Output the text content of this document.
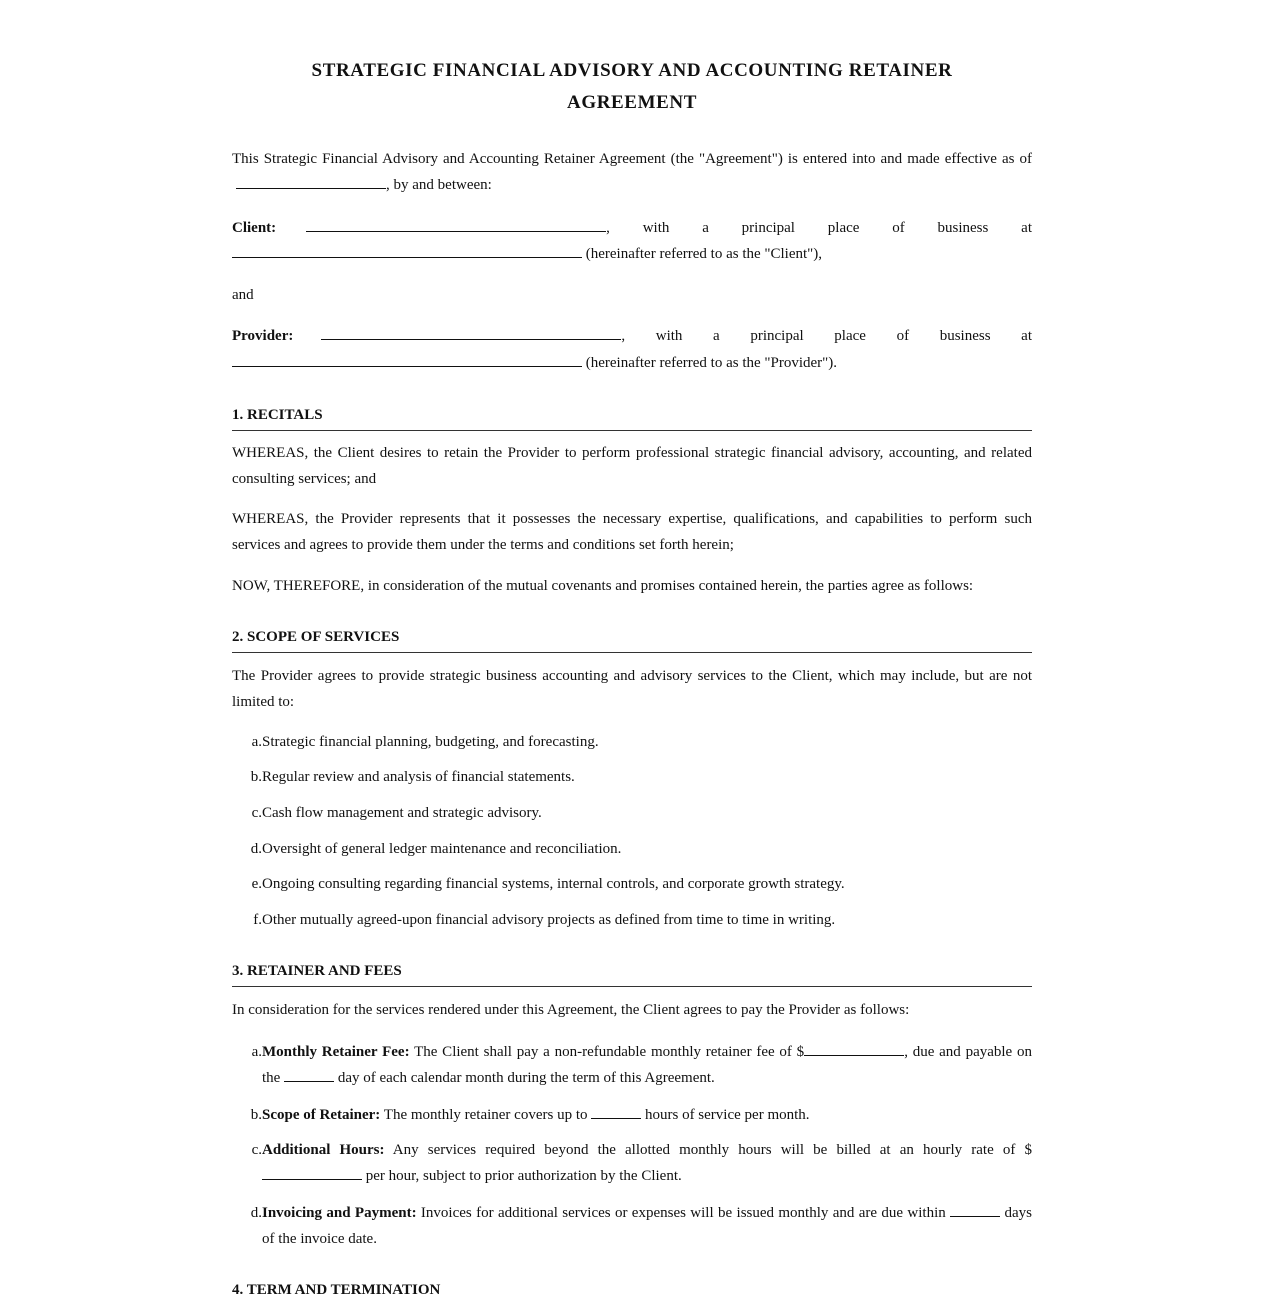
STRATEGIC FINANCIAL ADVISORY AND ACCOUNTING RETAINER
AGREEMENT
This Strategic Financial Advisory and Accounting Retainer Agreement (the "Agreement") is entered into and made effective as of, by and between:
Client:	, with a principal place of business at
(hereinafter referred to as the "Client"),
and
Provider:	, with a principal place of business at
(hereinafter referred to as the "Provider").
1. RECITALS
WHEREAS, the Client desires to retain the Provider to perform professional strategic financial advisory, accounting, and related consulting services; and
WHEREAS, the Provider represents that it possesses the necessary expertise, qualifications, and capabilities to perform such services and agrees to provide them under the terms and conditions set forth herein;
NOW, THEREFORE, in consideration of the mutual covenants and promises contained herein, the parties agree as follows:
2. SCOPE OF SERVICES
The Provider agrees to provide strategic business accounting and advisory services to the Client, which may include, but are not limited to:
a. Strategic financial planning, budgeting, and forecasting.
b. Regular review and analysis of financial statements.
c. Cash flow management and strategic advisory.
d. Oversight of general ledger maintenance and reconciliation.
e. Ongoing consulting regarding financial systems, internal controls, and corporate growth strategy.
f. Other mutually agreed-upon financial advisory projects as defined from time to time in writing.
3. RETAINER AND FEES
In consideration for the services rendered under this Agreement, the Client agrees to pay the Provider as follows:
a. Monthly Retainer Fee: The Client shall pay a non-refundable monthly retainer fee of $	, due and payable on the	day of each calendar month during the term of this Agreement.
b. Scope of Retainer: The monthly retainer covers up to	hours of service per month.
c. Additional Hours: Any services required beyond the allotted monthly hours will be billed at an hourly rate of $  per hour, subject to prior authorization by the Client.
d. Invoicing and Payment: Invoices for additional services or expenses will be issued monthly and are due within	days of the invoice date.
4. TERM AND TERMINATION
